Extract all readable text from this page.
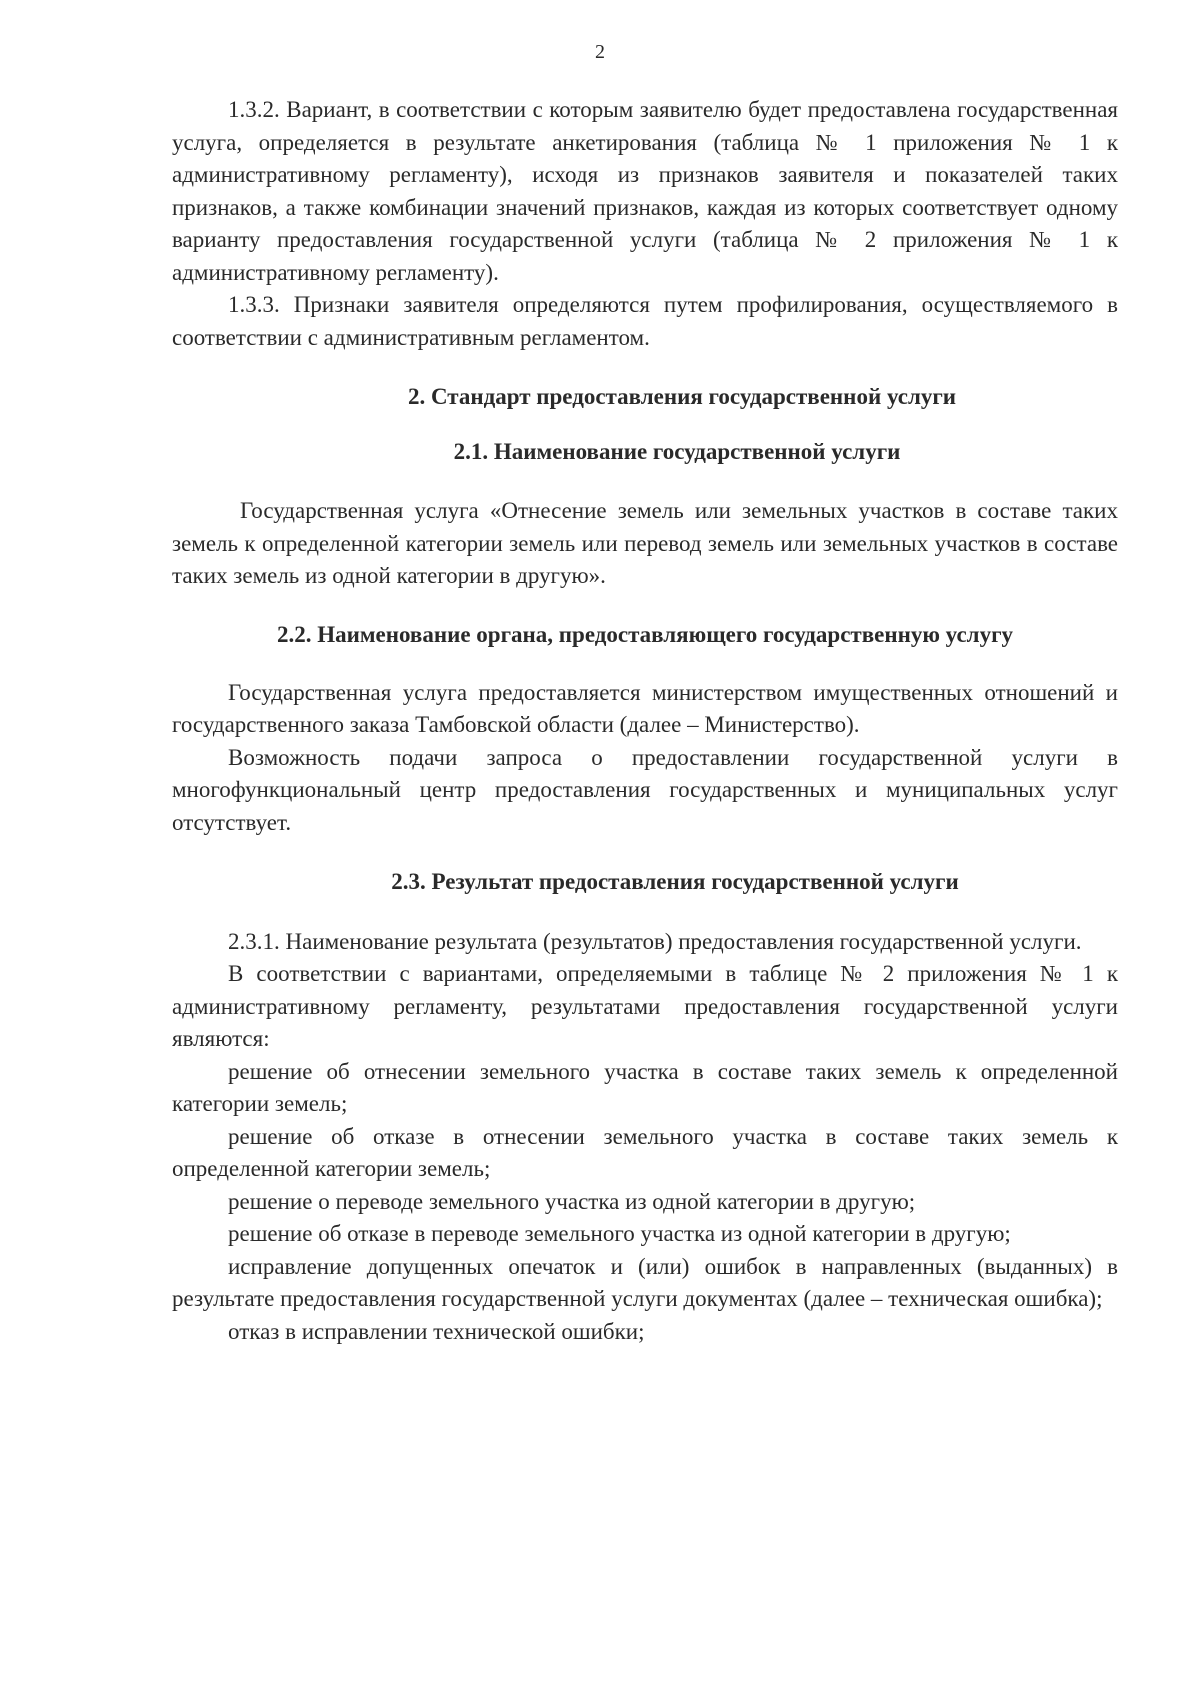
2

1.3.2. Вариант, в соответствии с которым заявителю будет предоставлена государственная услуга, определяется в результате анкетирования (таблица № 1 приложения № 1 к административному регламенту), исходя из признаков заявителя и показателей таких признаков, а также комбинации значений признаков, каждая из которых соответствует одному варианту предоставления государственной услуги (таблица № 2 приложения № 1 к административному регламенту).

1.3.3. Признаки заявителя определяются путем профилирования, осуществляемого в соответствии с административным регламентом.

2. Стандарт предоставления государственной услуги
2.1. Наименование государственной услуги

Государственная услуга «Отнесение земель или земельных участков в составе таких земель к определенной категории земель или перевод земель или земельных участков в составе таких земель из одной категории в другую».

2.2. Наименование органа, предоставляющего государственную услугу

Государственная услуга предоставляется министерством имущественных отношений и государственного заказа Тамбовской области (далее – Министерство).

Возможность подачи запроса о предоставлении государственной услуги в многофункциональный центр предоставления государственных и муниципальных услуг отсутствует.

2.3. Результат предоставления государственной услуги

2.3.1. Наименование результата (результатов) предоставления государственной услуги.

В соответствии с вариантами, определяемыми в таблице № 2 приложения № 1 к административному регламенту, результатами предоставления государственной услуги являются:

решение об отнесении земельного участка в составе таких земель к определенной категории земель;

решение об отказе в отнесении земельного участка в составе таких земель к определенной категории земель;

решение о переводе земельного участка из одной категории в другую;

решение об отказе в переводе земельного участка из одной категории в другую;

исправление допущенных опечаток и (или) ошибок в направленных (выданных) в результате предоставления государственной услуги документах (далее – техническая ошибка);

отказ в исправлении технической ошибки;
